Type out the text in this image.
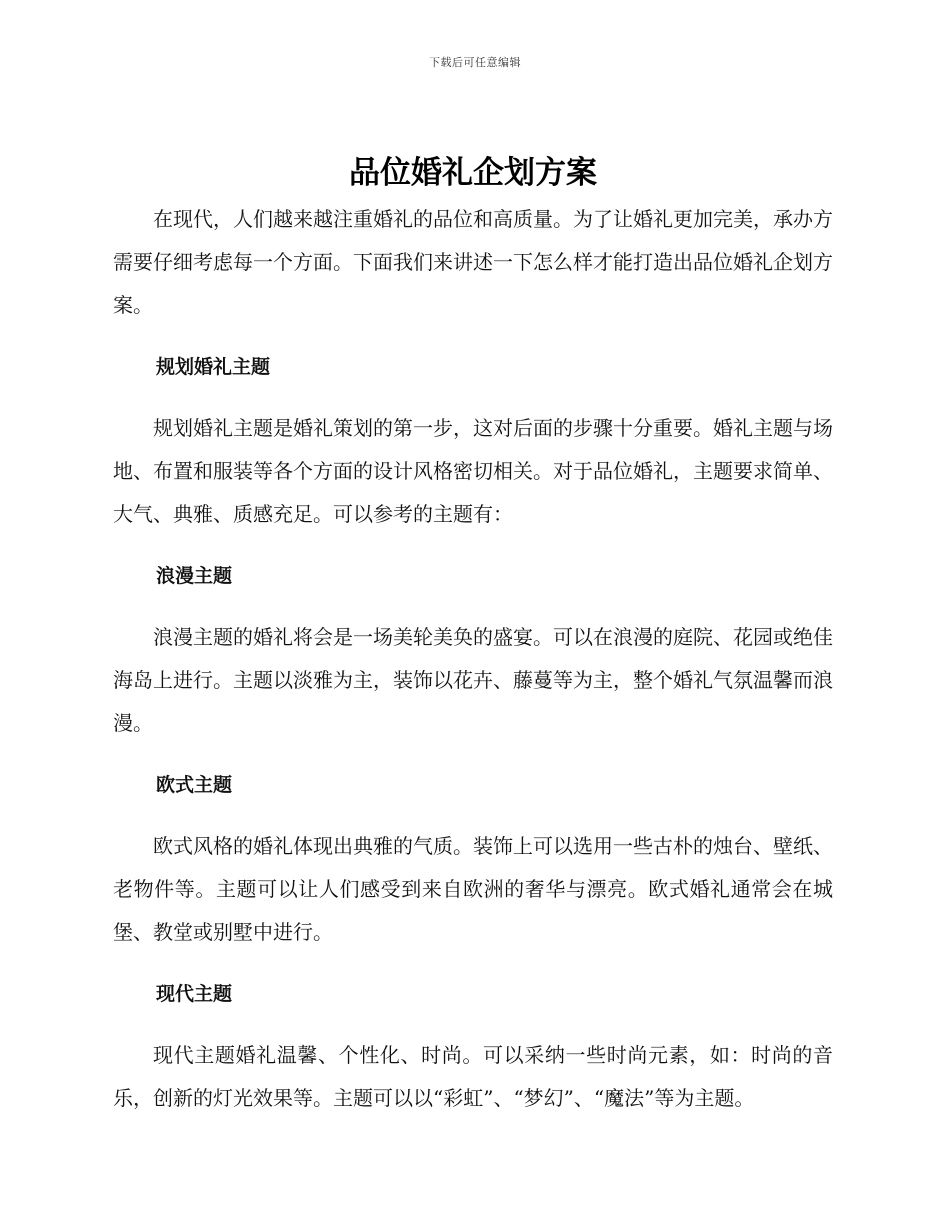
下载后可任意编辑
品位婚礼企划方案

在现代，人们越来越注重婚礼的品位和高质量。为了让婚礼更加完美，承办方需要仔细考虑每一个方面。下面我们来讲述一下怎么样才能打造出品位婚礼企划方案。

规划婚礼主题

规划婚礼主题是婚礼策划的第一步，这对后面的步骤十分重要。婚礼主题与场地、布置和服装等各个方面的设计风格密切相关。对于品位婚礼，主题要求简单、大气、典雅、质感充足。可以参考的主题有：

浪漫主题

浪漫主题的婚礼将会是一场美轮美奂的盛宴。可以在浪漫的庭院、花园或绝佳海岛上进行。主题以淡雅为主，装饰以花卉、藤蔓等为主，整个婚礼气氛温馨而浪漫。

欧式主题

欧式风格的婚礼体现出典雅的气质。装饰上可以选用一些古朴的烛台、壁纸、老物件等。主题可以让人们感受到来自欧洲的奢华与漂亮。欧式婚礼通常会在城堡、教堂或别墅中进行。

现代主题

现代主题婚礼温馨、个性化、时尚。可以采纳一些时尚元素，如：时尚的音乐，创新的灯光效果等。主题可以以“彩虹”、“梦幻”、“魔法”等为主题。
